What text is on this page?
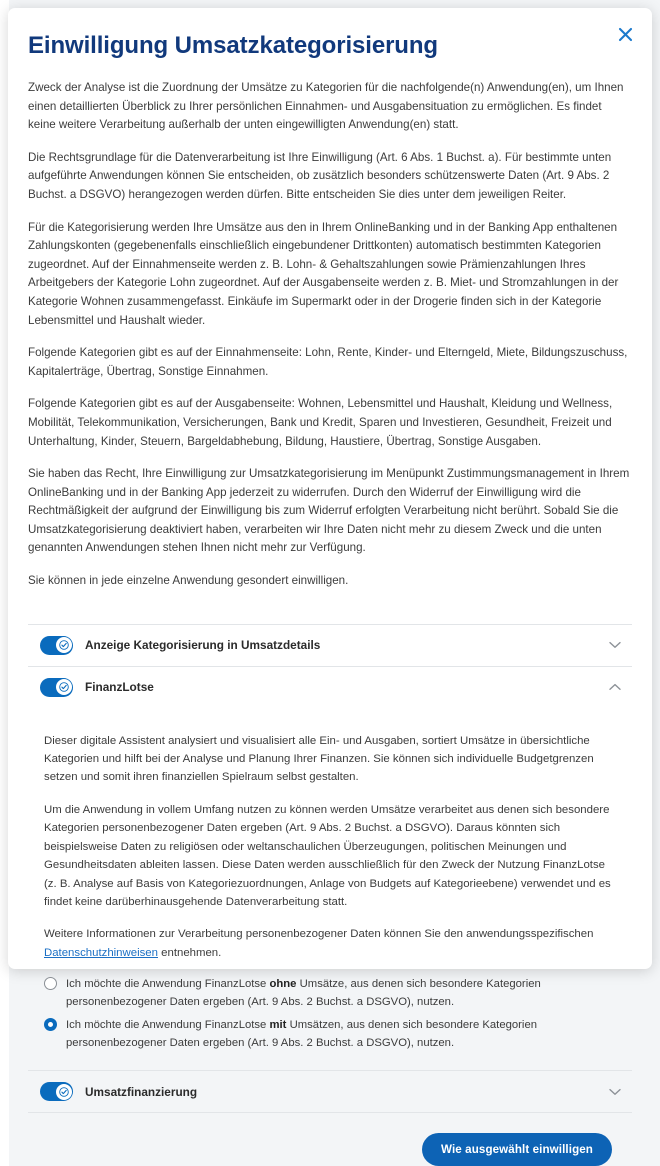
Einwilligung Umsatzkategorisierung

Zweck der Analyse ist die Zuordnung der Umsätze zu Kategorien für die nachfolgende(n) Anwendung(en), um Ihnen einen detaillierten Überblick zu Ihrer persönlichen Einnahmen- und Ausgabensituation zu ermöglichen. Es findet keine weitere Verarbeitung außerhalb der unten eingewilligten Anwendung(en) statt.

Die Rechtsgrundlage für die Datenverarbeitung ist Ihre Einwilligung (Art. 6 Abs. 1 Buchst. a). Für bestimmte unten aufgeführte Anwendungen können Sie entscheiden, ob zusätzlich besonders schützenswerte Daten (Art. 9 Abs. 2 Buchst. a DSGVO) herangezogen werden dürfen. Bitte entscheiden Sie dies unter dem jeweiligen Reiter.

Für die Kategorisierung werden Ihre Umsätze aus den in Ihrem OnlineBanking und in der Banking App enthaltenen Zahlungskonten (gegebenenfalls einschließlich eingebundener Drittkonten) automatisch bestimmten Kategorien zugeordnet. Auf der Einnahmenseite werden z. B. Lohn- & Gehaltszahlungen sowie Prämienzahlungen Ihres Arbeitgebers der Kategorie Lohn zugeordnet. Auf der Ausgabenseite werden z. B. Miet- und Stromzahlungen in der Kategorie Wohnen zusammengefasst. Einkäufe im Supermarkt oder in der Drogerie finden sich in der Kategorie Lebensmittel und Haushalt wieder.

Folgende Kategorien gibt es auf der Einnahmenseite: Lohn, Rente, Kinder- und Elterngeld, Miete, Bildungszuschuss, Kapitalerträge, Übertrag, Sonstige Einnahmen.

Folgende Kategorien gibt es auf der Ausgabenseite: Wohnen, Lebensmittel und Haushalt, Kleidung und Wellness, Mobilität, Telekommunikation, Versicherungen, Bank und Kredit, Sparen und Investieren, Gesundheit, Freizeit und Unterhaltung, Kinder, Steuern, Bargeldabhebung, Bildung, Haustiere, Übertrag, Sonstige Ausgaben.

Sie haben das Recht, Ihre Einwilligung zur Umsatzkategorisierung im Menüpunkt Zustimmungsmanagement in Ihrem OnlineBanking und in der Banking App jederzeit zu widerrufen. Durch den Widerruf der Einwilligung wird die Rechtmäßigkeit der aufgrund der Einwilligung bis zum Widerruf erfolgten Verarbeitung nicht berührt. Sobald Sie die Umsatzkategorisierung deaktiviert haben, verarbeiten wir Ihre Daten nicht mehr zu diesem Zweck und die unten genannten Anwendungen stehen Ihnen nicht mehr zur Verfügung.

Sie können in jede einzelne Anwendung gesondert einwilligen.

Anzeige Kategorisierung in Umsatzdetails
FinanzLotse

Dieser digitale Assistent analysiert und visualisiert alle Ein- und Ausgaben, sortiert Umsätze in übersichtliche Kategorien und hilft bei der Analyse und Planung Ihrer Finanzen. Sie können sich individuelle Budgetgrenzen setzen und somit ihren finanziellen Spielraum selbst gestalten.

Um die Anwendung in vollem Umfang nutzen zu können werden Umsätze verarbeitet aus denen sich besondere Kategorien personenbezogener Daten ergeben (Art. 9 Abs. 2 Buchst. a DSGVO). Daraus könnten sich beispielsweise Daten zu religiösen oder weltanschaulichen Überzeugungen, politischen Meinungen und Gesundheitsdaten ableiten lassen. Diese Daten werden ausschließlich für den Zweck der Nutzung FinanzLotse (z. B. Analyse auf Basis von Kategoriezuordnungen, Anlage von Budgets auf Kategorieebene) verwendet und es findet keine darüberhinausgehende Datenverarbeitung statt.

Weitere Informationen zur Verarbeitung personenbezogener Daten können Sie den anwendungsspezifischen Datenschutzhinweisen entnehmen.

Ich möchte die Anwendung FinanzLotse ohne Umsätze, aus denen sich besondere Kategorien personenbezogener Daten ergeben (Art. 9 Abs. 2 Buchst. a DSGVO), nutzen.
Ich möchte die Anwendung FinanzLotse mit Umsätzen, aus denen sich besondere Kategorien personenbezogener Daten ergeben (Art. 9 Abs. 2 Buchst. a DSGVO), nutzen.
Umsatzfinanzierung
Wie ausgewählt einwilligen
